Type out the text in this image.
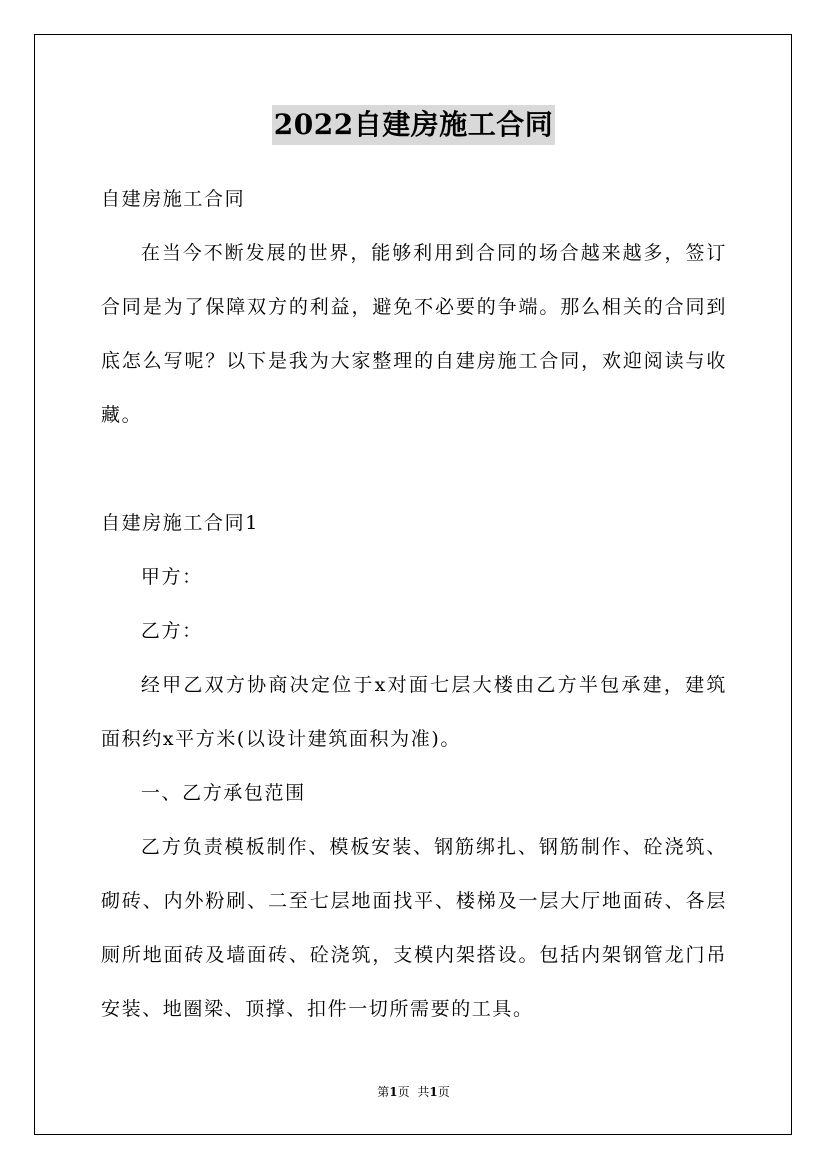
2022自建房施工合同

自建房施工合同

在当今不断发展的世界，能够利用到合同的场合越来越多，签订合同是为了保障双方的利益，避免不必要的争端。那么相关的合同到底怎么写呢？以下是我为大家整理的自建房施工合同，欢迎阅读与收藏。

自建房施工合同1

甲方：

乙方：

经甲乙双方协商决定位于x对面七层大楼由乙方半包承建，建筑面积约x平方米(以设计建筑面积为准)。

一、乙方承包范围

乙方负责模板制作、模板安装、钢筋绑扎、钢筋制作、砼浇筑、砌砖、内外粉刷、二至七层地面找平、楼梯及一层大厅地面砖、各层厕所地面砖及墙面砖、砼浇筑，支模内架搭设。包括内架钢管龙门吊安装、地圈梁、顶撑、扣件一切所需要的工具。

第1页 共1页
